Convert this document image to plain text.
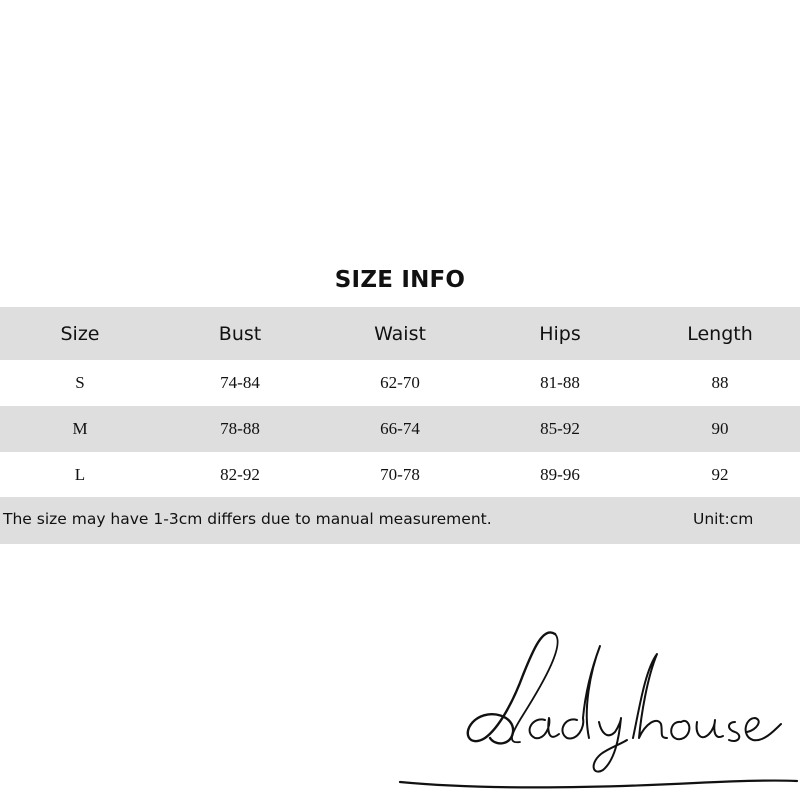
SIZE INFO
Size	Bust	Waist	Hips	Length
S	74-84	62-70	81-88	88
M	78-88	66-74	85-92	90
L	82-92	70-78	89-96	92
The size may have 1-3cm differs due to manual measurement.	Unit:cm
